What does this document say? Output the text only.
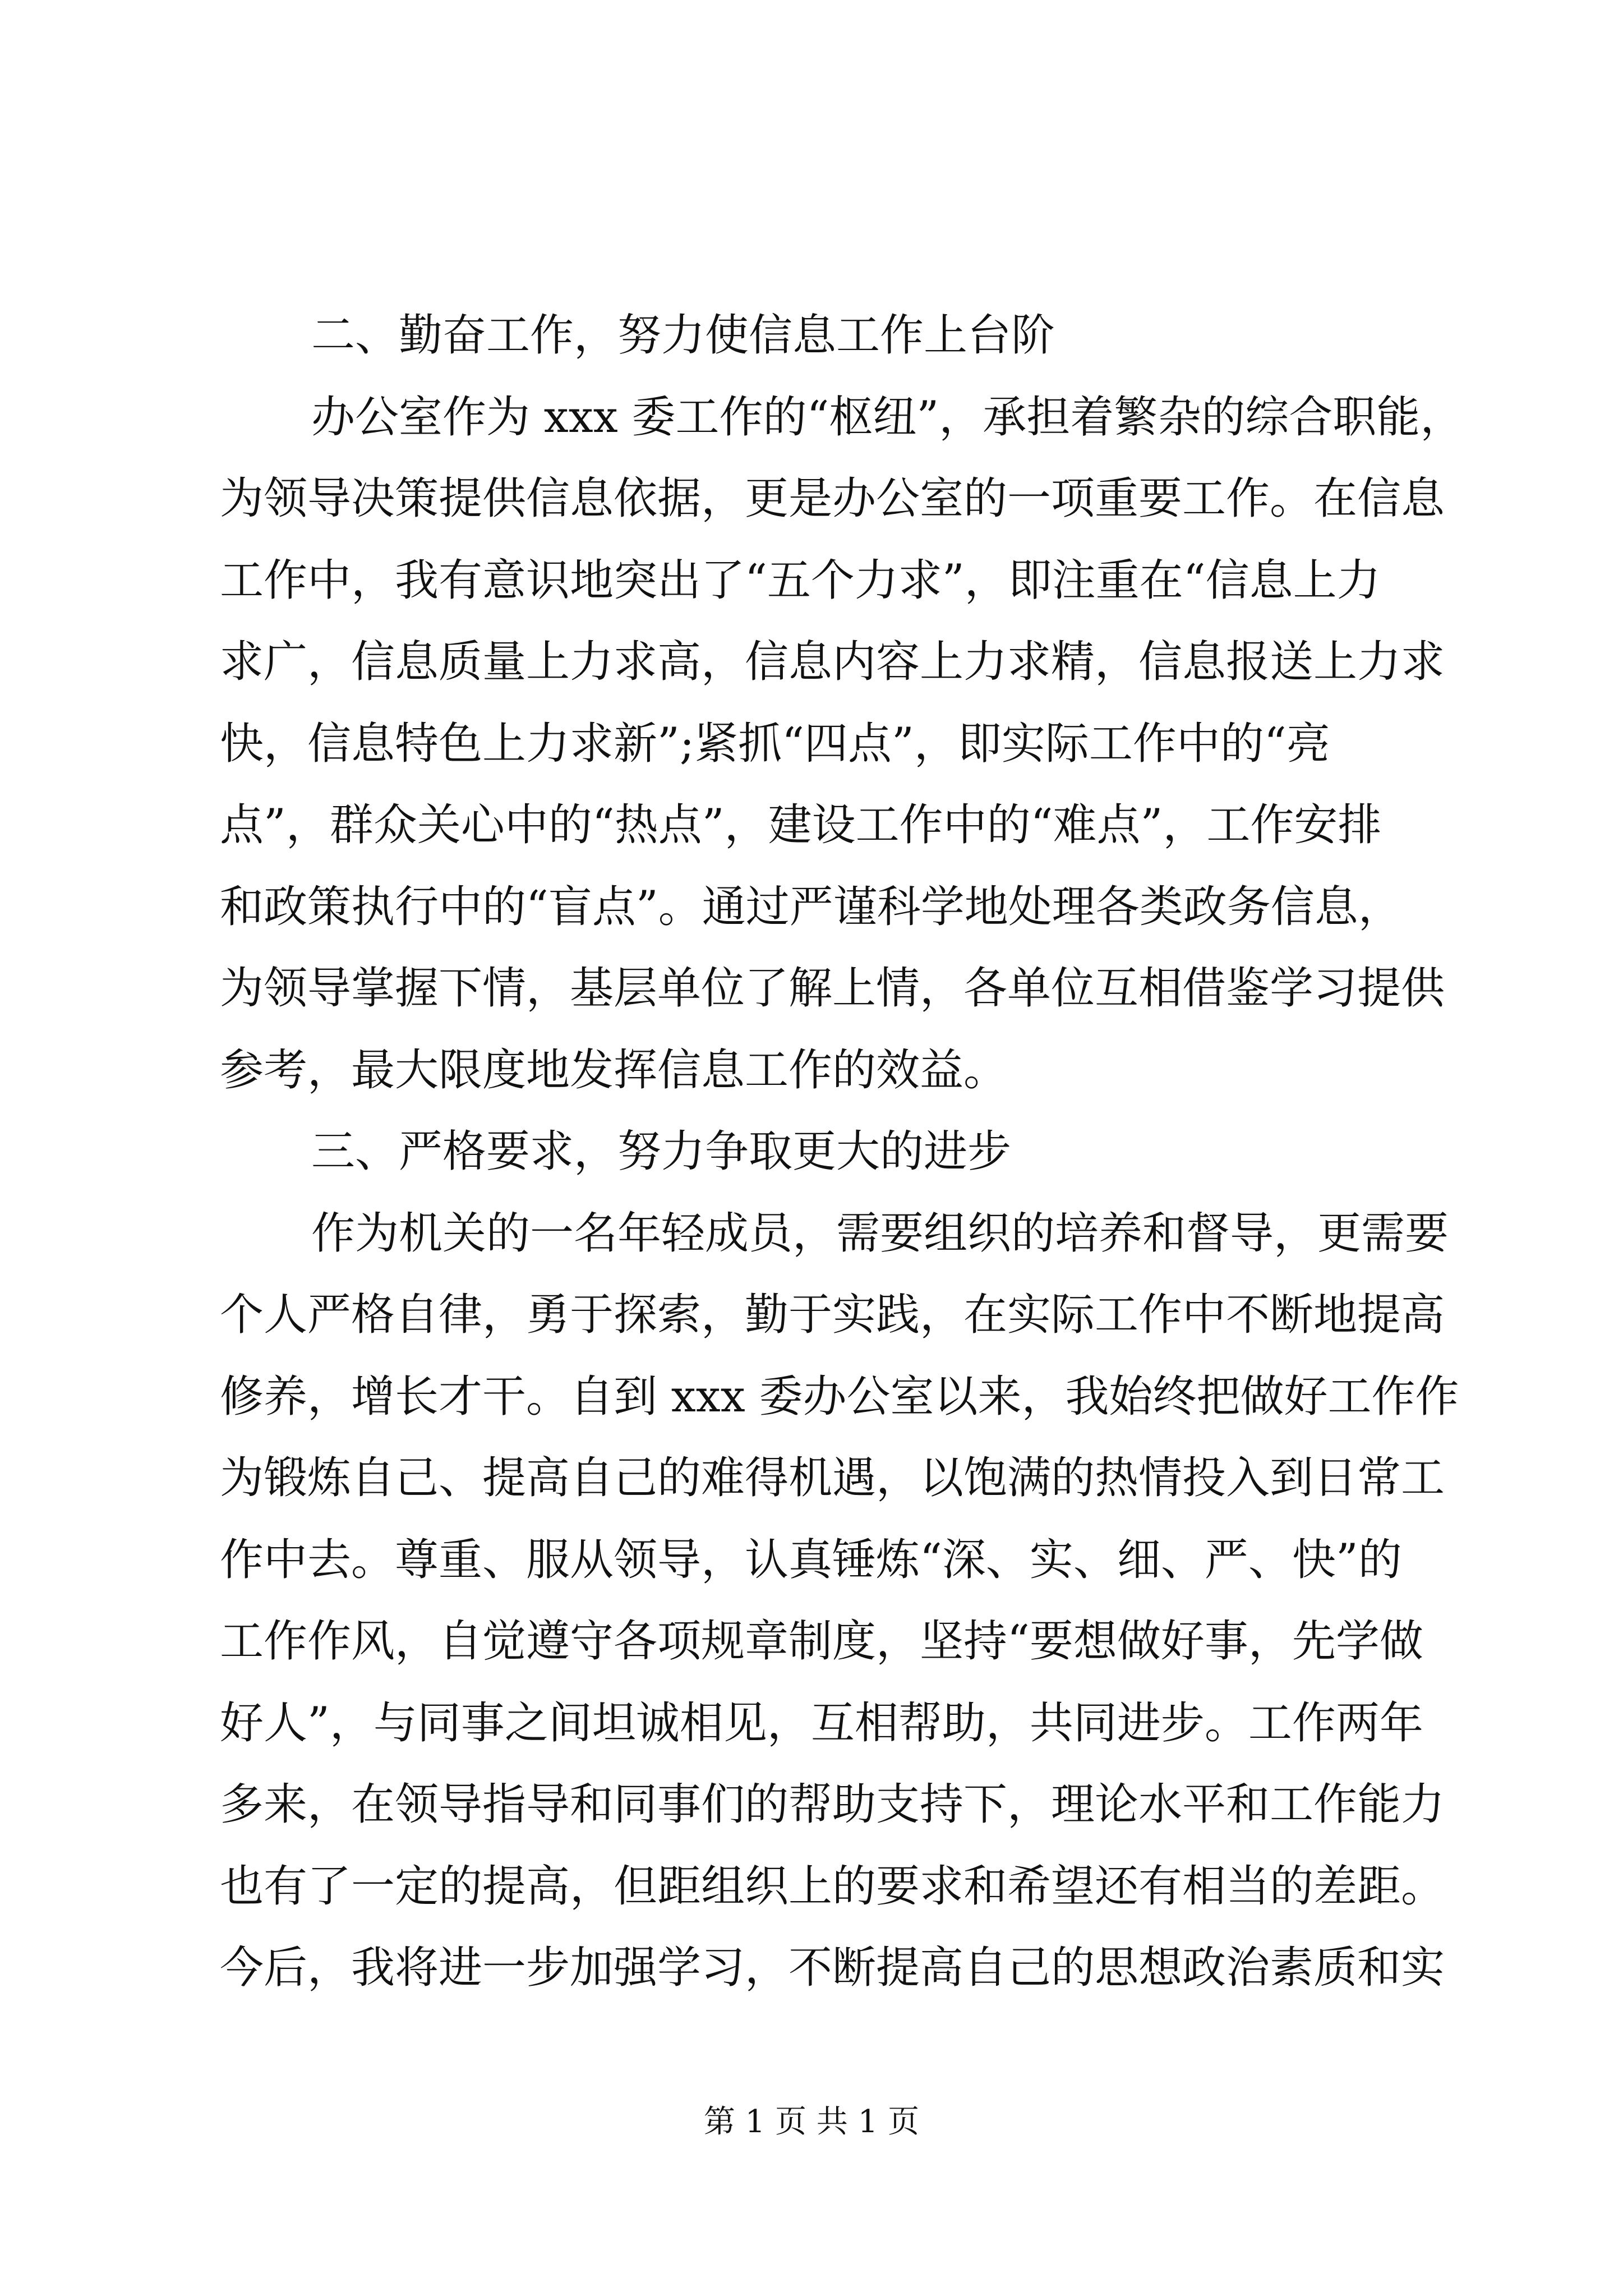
二、勤奋工作，努力使信息工作上台阶
办公室作为 xxx 委工作的“枢纽”，承担着繁杂的综合职能，
为领导决策提供信息依据，更是办公室的一项重要工作。在信息
工作中，我有意识地突出了“五个力求”，即注重在“信息上力
求广，信息质量上力求高，信息内容上力求精，信息报送上力求
快，信息特色上力求新”;紧抓“四点”，即实际工作中的“亮
点”，群众关心中的“热点”，建设工作中的“难点”，工作安排
和政策执行中的“盲点”。通过严谨科学地处理各类政务信息，
为领导掌握下情，基层单位了解上情，各单位互相借鉴学习提供
参考，最大限度地发挥信息工作的效益。
三、严格要求，努力争取更大的进步
作为机关的一名年轻成员，需要组织的培养和督导，更需要
个人严格自律，勇于探索，勤于实践，在实际工作中不断地提高
修养，增长才干。自到 xxx 委办公室以来，我始终把做好工作作
为锻炼自己、提高自己的难得机遇，以饱满的热情投入到日常工
作中去。尊重、服从领导，认真锤炼“深、实、细、严、快”的
工作作风，自觉遵守各项规章制度，坚持“要想做好事，先学做
好人”，与同事之间坦诚相见，互相帮助，共同进步。工作两年
多来，在领导指导和同事们的帮助支持下，理论水平和工作能力
也有了一定的提高，但距组织上的要求和希望还有相当的差距。
今后，我将进一步加强学习，不断提高自己的思想政治素质和实
第 1 页 共 1 页
